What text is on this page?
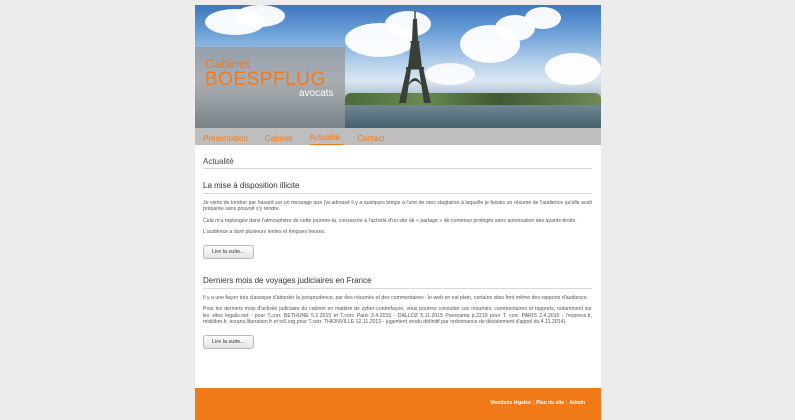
Cabinet
BOESPFLUG
avocats
Présentation	Cabinet	Actualité	Contact
Actualité
La mise à disposition illicite

Je viens de tomber par hasard sur un message que j'ai adressé il y a quelques temps à l'une de mes stagiaires à laquelle je faisais un résumé de l'audience qu'elle avait préparée sans pouvoir s'y rendre.

Cela m'a replongée dans l'atmosphère de cette journée-là, consacrée à l'activité d'un site de « partage » de contenus protégés sans autorisation des ayants-droits.

L'audience a duré plusieurs lentes et longues heures.

Lire la suite...
Derniers mois de voyages judiciaires en France

Il y a une façon très classique d'aborder la jurisprudence, par des résumés et des commentaires : le web en est plein, certains sites font même des rapports d'audience.

Pour les derniers mois d'activité judiciaire du cabinet en matière de cyber-contrefaçon, vous pourrez consulter ces résumés, commentaires et rapports, notamment sur les sites legalis.net : pour T.corr. BETHUNE 5.2.2015 et T.corr. Paris 2.4.2015 - DALLOZ 5.11.2015 Panorama p.2219 pour T. corr. PARIS 2.4.2015 - l'express.fr, midilibre.fr, ecrans.liberation.fr et tv5.org pour T.corr. THIONVILLE 12.11.2013 - jugement rendu définitif par ordonnance de désistement d'appel du 4.11.2014).

Lire la suite...
Mentions légales | Plan du site | Admin
